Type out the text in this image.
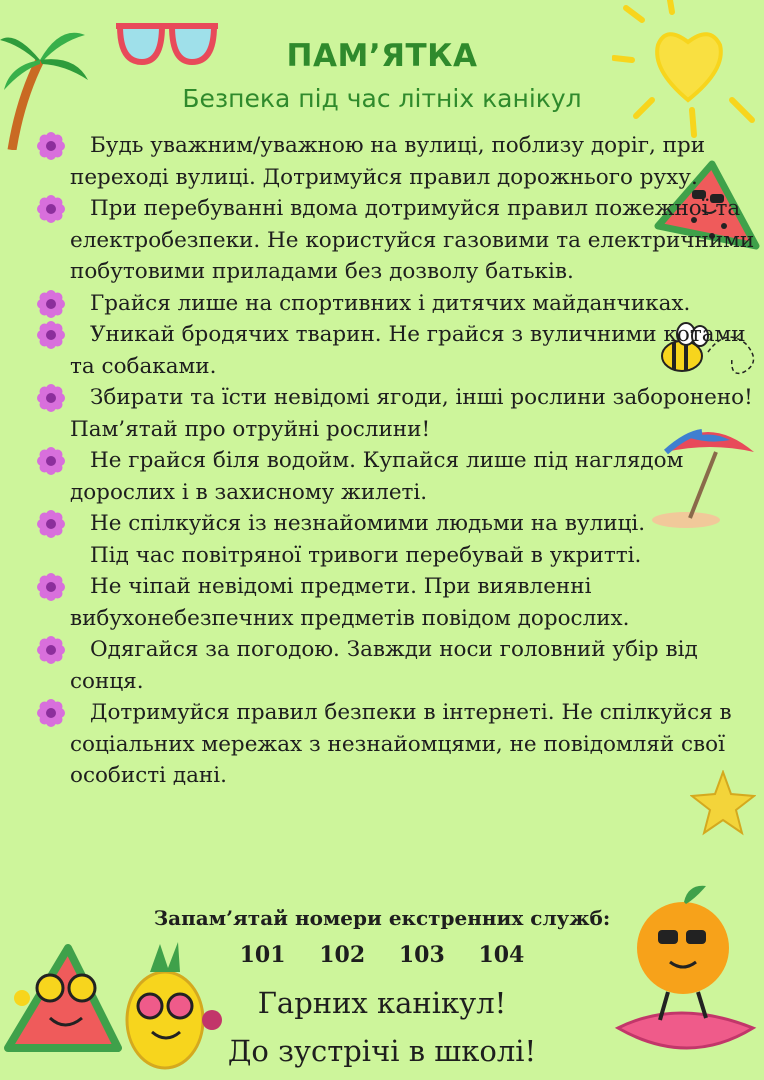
ПАМ’ЯТКА
Безпека під час літніх канікул

Будь уважним/уважною на вулиці, поблизу доріг, при переході вулиці. Дотримуйся правил дорожнього руху.

При перебуванні вдома дотримуйся правил пожежної та електробезпеки. Не користуйся газовими та електричними побутовими приладами без дозволу батьків.

Грайся лише на спортивних і дитячих майданчиках.

Уникай бродячих тварин. Не грайся з вуличними котами та собаками.

Збирати та їсти невідомі ягоди, інші рослини заборонено! Пам’ятай про отруйні рослини!

Не грайся біля водойм. Купайся лише під наглядом дорослих і в захисному жилеті.

Не спілкуйся із незнайомими людьми на вулиці.

Під час повітряної тривоги перебувай в укритті.

Не чіпай невідомі предмети. При виявленні вибухонебезпечних предметів повідом дорослих.

Одягайся за погодою. Завжди носи головний убір від сонця.

Дотримуйся правил безпеки в інтернеті. Не спілкуйся в соціальних мережах з незнайомцями, не повідомляй свої особисті дані.

Запам’ятай номери екстренних служб:
101 102 103 104
Гарних канікул!
До зустрічі в школі!
